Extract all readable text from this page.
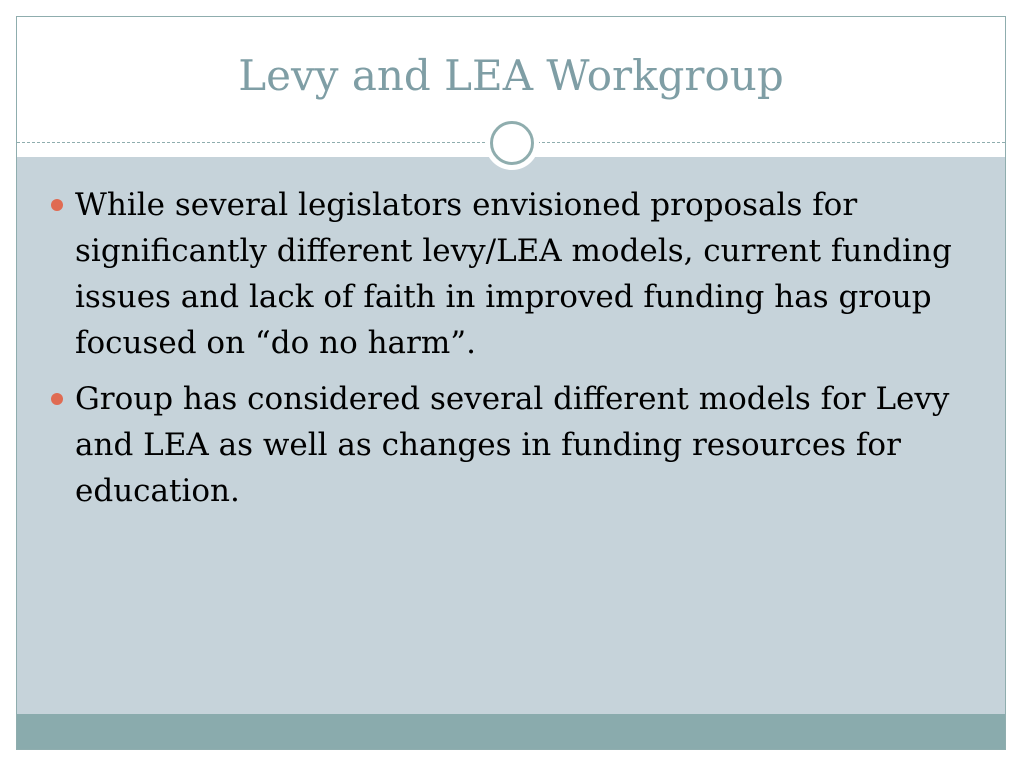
Levy and LEA Workgroup
While several legislators envisioned proposals for significantly different levy/LEA models, current funding issues and lack of faith in improved funding has group focused on “do no harm”.
Group has considered several different models for Levy and LEA as well as changes in funding resources for education.
